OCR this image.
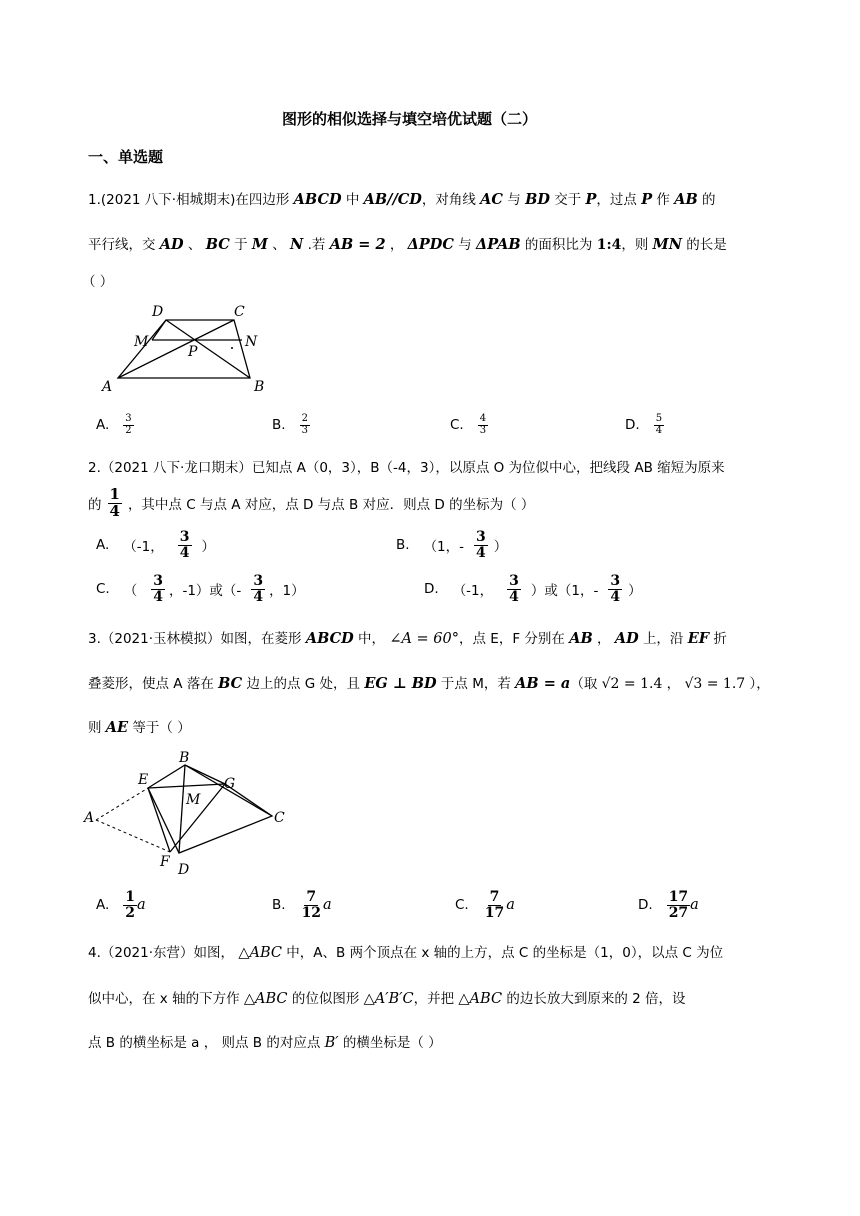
图形的相似选择与填空培优试题（二）
一、单选题
1.(2021 八下·相城期末)在四边形 ABCD 中 AB//CD，对角线 AC 与 BD 交于 P，过点 P 作 AB 的
平行线，交 AD 、 BC 于 M 、 N .若 AB = 2 ， ΔPDC 与 ΔPAB 的面积比为 1:4，则 MN 的长是
（ ）
D	C
M	N
P
A	B
A. $\frac{3}{2}$	B. $\frac{2}{3}$	C. $\frac{4}{3}$	D. $\frac{5}{4}$
2.（2021 八下·龙口期末）已知点 A（0，3），B（-4，3），以原点 O 为位似中心，把线段 AB 缩短为原来
的 $\frac{1}{4}$ ，其中点 C 与点 A 对应，点 D 与点 B 对应．则点 D 的坐标为（ ）
A. （-1， $\frac{3}{4}$ ）	B. （1，- $\frac{3}{4}$ ）
C. （ $\frac{3}{4}$ ，-1）或（- $\frac{3}{4}$ ，1）	D. （-1， $\frac{3}{4}$ ）或（1，- $\frac{3}{4}$ ）
3.（2021·玉林模拟）如图，在菱形 ABCD 中， ∠A = 60°，点 E，F 分别在 AB ， AD 上，沿 EF 折
叠菱形，使点 A 落在 BC 边上的点 G 处，且 EG ⊥ BD 于点 M，若 AB = a（取 √2 = 1.4 ， √3 = 1.7 ），
则 AE 等于（ ）
B
E	G
M
A	C
F D
A. $\frac{1}{2}$ a	B. $\frac{7}{12}$ a	C. $\frac{7}{17}$ a	D. $\frac{17}{27}$ a
4.（2021·东营）如图， △ABC 中，A、B 两个顶点在 x 轴的上方，点 C 的坐标是（1，0），以点 C 为位
似中心，在 x 轴的下方作 △ABC 的位似图形 △A′B′C，并把 △ABC 的边长放大到原来的 2 倍，设
点 B 的横坐标是 a ， 则点 B 的对应点 B′ 的横坐标是（ ）
